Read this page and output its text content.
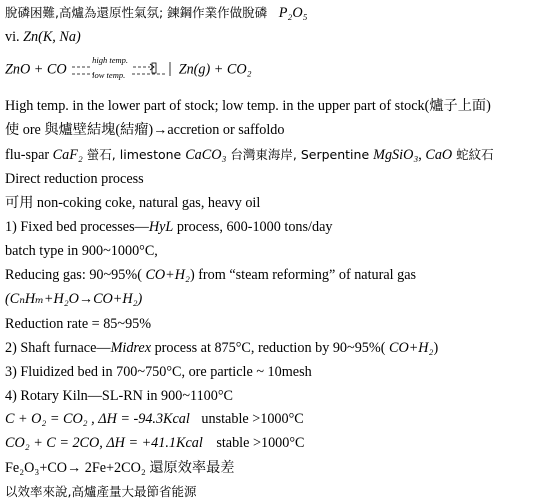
脫磷困難,高爐為還原性氣氛; 鍊鋼作業作做脫磷 P₂O₅
vi. Zn(K, Na)
ZnO + CO
high temp.
low temp.	Zn(g) + CO₂
High temp. in the lower part of stock; low temp. in the upper part of stock(爐子上面)
使 ore 與爐壁結塊(結瘤)→accretion or saffoldo
flu-spar CaF₂ 螢石, limestone CaCO₃ 台灣東海岸, Serpentine MgSiO₃, CaO 蛇紋石
Direct reduction process
可用 non-coking coke, natural gas, heavy oil
1) Fixed bed processes—HyL process, 600-1000 tons/day
batch type in 900~1000°C,
Reducing gas: 90~95%( CO+H₂) from “steam reforming” of natural gas
(CₙHₘ+H₂O→CO+H₂)
Reduction rate = 85~95%
2) Shaft furnace—Midrex process at 875°C, reduction by 90~95%( CO+H₂)
3) Fluidized bed in 700~750°C, ore particle ~ 10mesh
4) Rotary Kiln—SL-RN in 900~1100°C
C + O₂ = CO₂ , ΔH = -94.3Kcal unstable >1000°C
CO₂ + C = 2CO, ΔH = +41.1Kcal stable >1000°C
Fe₂O₃+CO→ 2Fe+2CO₂ 還原效率最差
以效率來說,高爐產量大最節省能源
